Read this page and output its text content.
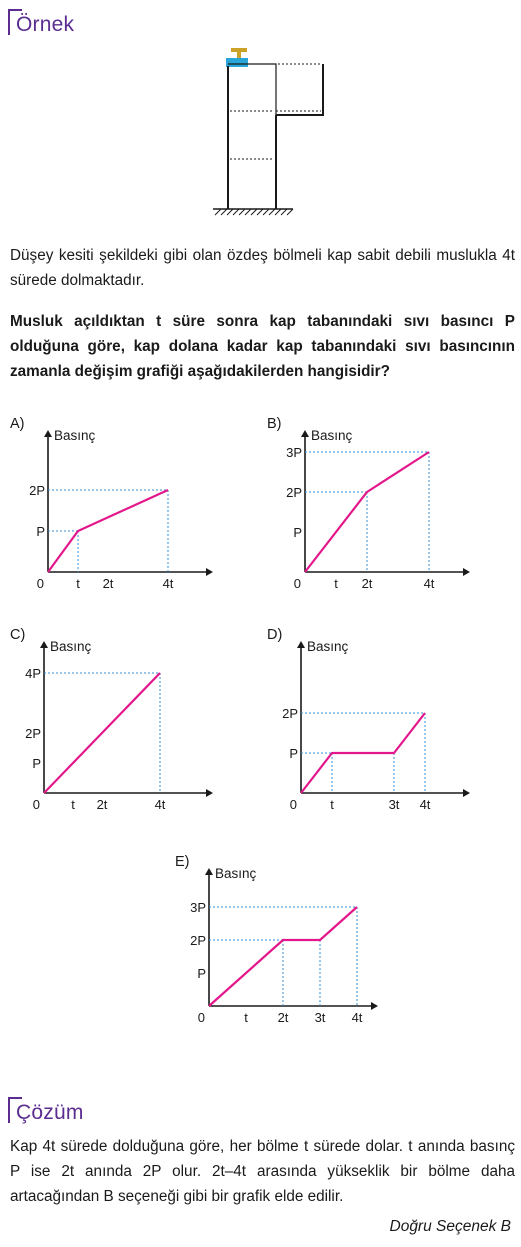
Örnek
Düşey kesiti şekildeki gibi olan özdeş bölmeli kap sabit debili muslukla 4t sürede dolmaktadır.
Musluk açıldıktan t süre sonra kap tabanındaki sıvı basıncı P olduğuna göre, kap dolana kadar kap tabanındaki sıvı basıncının zamanla değişim grafiği aşağıdakilerden hangisidir?
A)
Basınç
0 t 2t	4t
P
2P
B)
Basınç
0	t 2t	4t
P
2P
3P
C)
Basınç
0 t 2t	4t
P
2P
4P
D)
Basınç
0	t	3t 4t
P
2P
E)
Basınç
0	t 2t 3t 4t
P
2P
3P
Çözüm
Kap 4t sürede dolduğuna göre, her bölme t sürede dolar. t anında basınç P ise 2t anında 2P olur. 2t–4t arasında yükseklik bir bölme daha artacağından B seçeneği gibi bir grafik elde edilir.
Doğru Seçenek B
